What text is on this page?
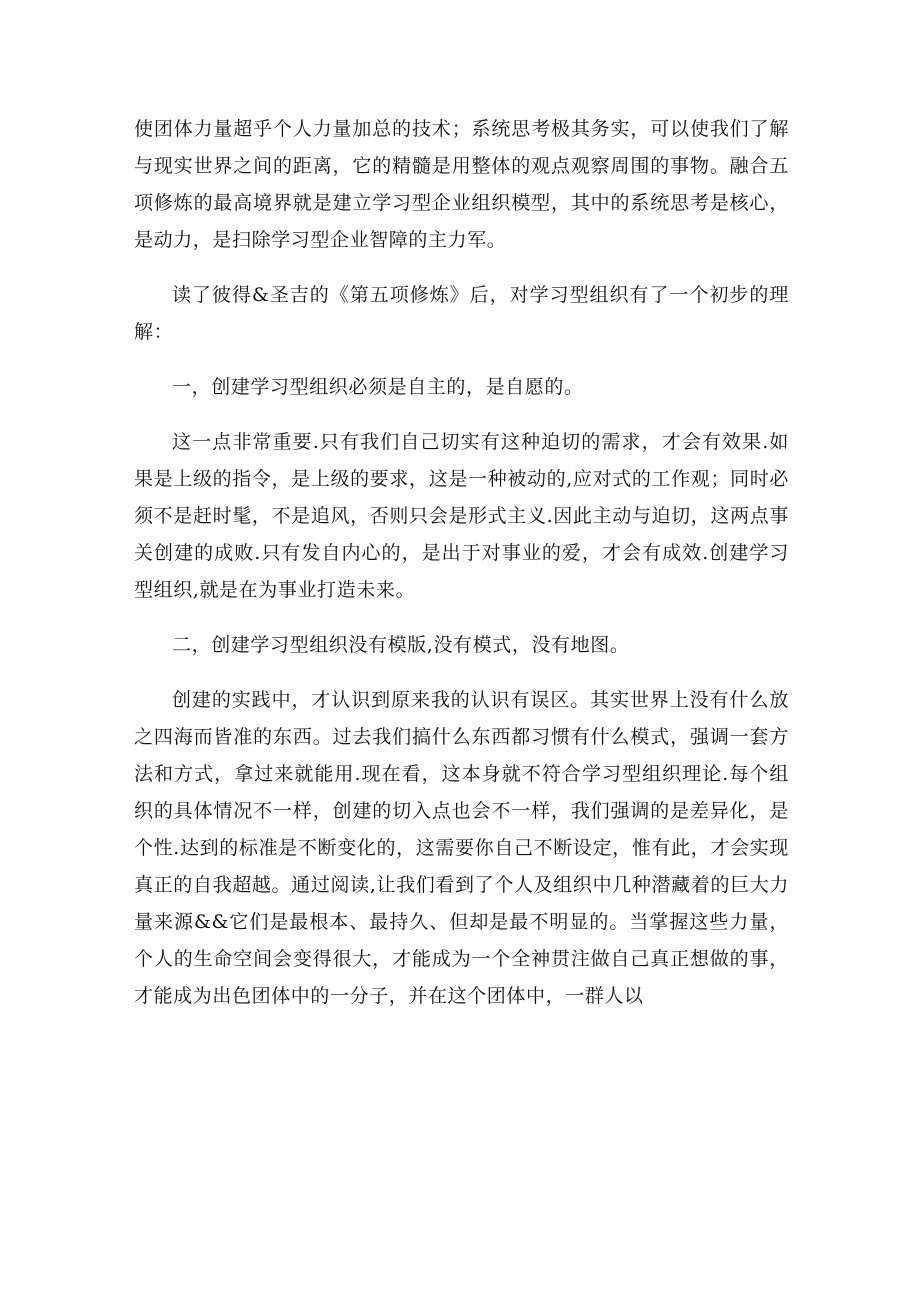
使团体力量超乎个人力量加总的技术；系统思考极其务实，可以使我们了解与现实世界之间的距离，它的精髓是用整体的观点观察周围的事物。融合五项修炼的最高境界就是建立学习型企业组织模型，其中的系统思考是核心，是动力，是扫除学习型企业智障的主力军。

读了彼得&圣吉的《第五项修炼》后，对学习型组织有了一个初步的理解：

一，创建学习型组织必须是自主的，是自愿的。

这一点非常重要.只有我们自己切实有这种迫切的需求，才会有效果.如果是上级的指令，是上级的要求，这是一种被动的,应对式的工作观；同时必须不是赶时髦，不是追风，否则只会是形式主义.因此主动与迫切，这两点事关创建的成败.只有发自内心的，是出于对事业的爱，才会有成效.创建学习型组织,就是在为事业打造未来。

二，创建学习型组织没有模版,没有模式，没有地图。

创建的实践中，才认识到原来我的认识有误区。其实世界上没有什么放之四海而皆准的东西。过去我们搞什么东西都习惯有什么模式，强调一套方法和方式，拿过来就能用.现在看，这本身就不符合学习型组织理论.每个组织的具体情况不一样，创建的切入点也会不一样，我们强调的是差异化，是个性.达到的标准是不断变化的，这需要你自己不断设定，惟有此，才会实现真正的自我超越。通过阅读,让我们看到了个人及组织中几种潜藏着的巨大力量来源&&它们是最根本、最持久、但却是最不明显的。当掌握这些力量，个人的生命空间会变得很大，才能成为一个全神贯注做自己真正想做的事，才能成为出色团体中的一分子，并在这个团体中，一群人以
